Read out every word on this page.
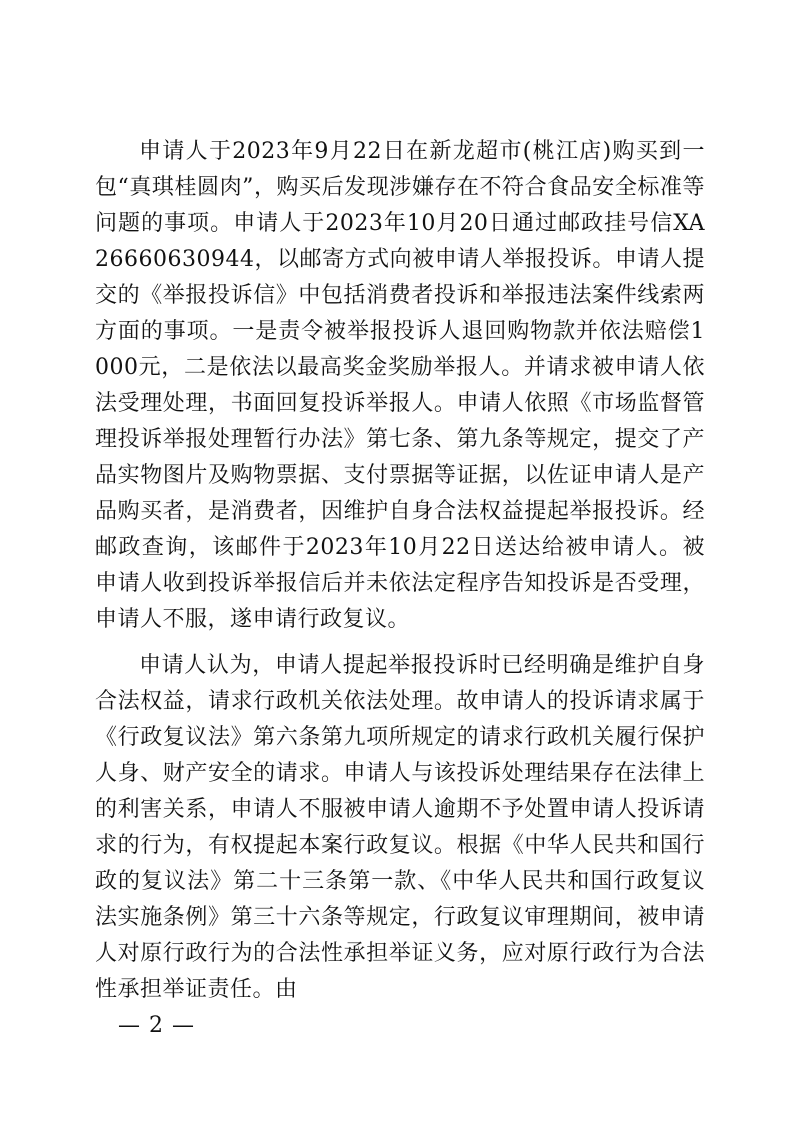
申请人于2023年9月22日在新龙超市(桃江店)购买到一包“真琪桂圆肉”，购买后发现涉嫌存在不符合食品安全标准等问题的事项。申请人于2023年10月20日通过邮政挂号信XA26660630944，以邮寄方式向被申请人举报投诉。申请人提交的《举报投诉信》中包括消费者投诉和举报违法案件线索两方面的事项。一是责令被举报投诉人退回购物款并依法赔偿1000元，二是依法以最高奖金奖励举报人。并请求被申请人依法受理处理，书面回复投诉举报人。申请人依照《市场监督管理投诉举报处理暂行办法》第七条、第九条等规定，提交了产品实物图片及购物票据、支付票据等证据，以佐证申请人是产品购买者，是消费者，因维护自身合法权益提起举报投诉。经邮政查询，该邮件于2023年10月22日送达给被申请人。被申请人收到投诉举报信后并未依法定程序告知投诉是否受理，申请人不服，遂申请行政复议。

申请人认为，申请人提起举报投诉时已经明确是维护自身合法权益，请求行政机关依法处理。故申请人的投诉请求属于《行政复议法》第六条第九项所规定的请求行政机关履行保护人身、财产安全的请求。申请人与该投诉处理结果存在法律上的利害关系，申请人不服被申请人逾期不予处置申请人投诉请求的行为，有权提起本案行政复议。根据《中华人民共和国行政的复议法》第二十三条第一款、《中华人民共和国行政复议法实施条例》第三十六条等规定，行政复议审理期间，被申请人对原行政行为的合法性承担举证义务，应对原行政行为合法性承担举证责任。由

— 2 —
